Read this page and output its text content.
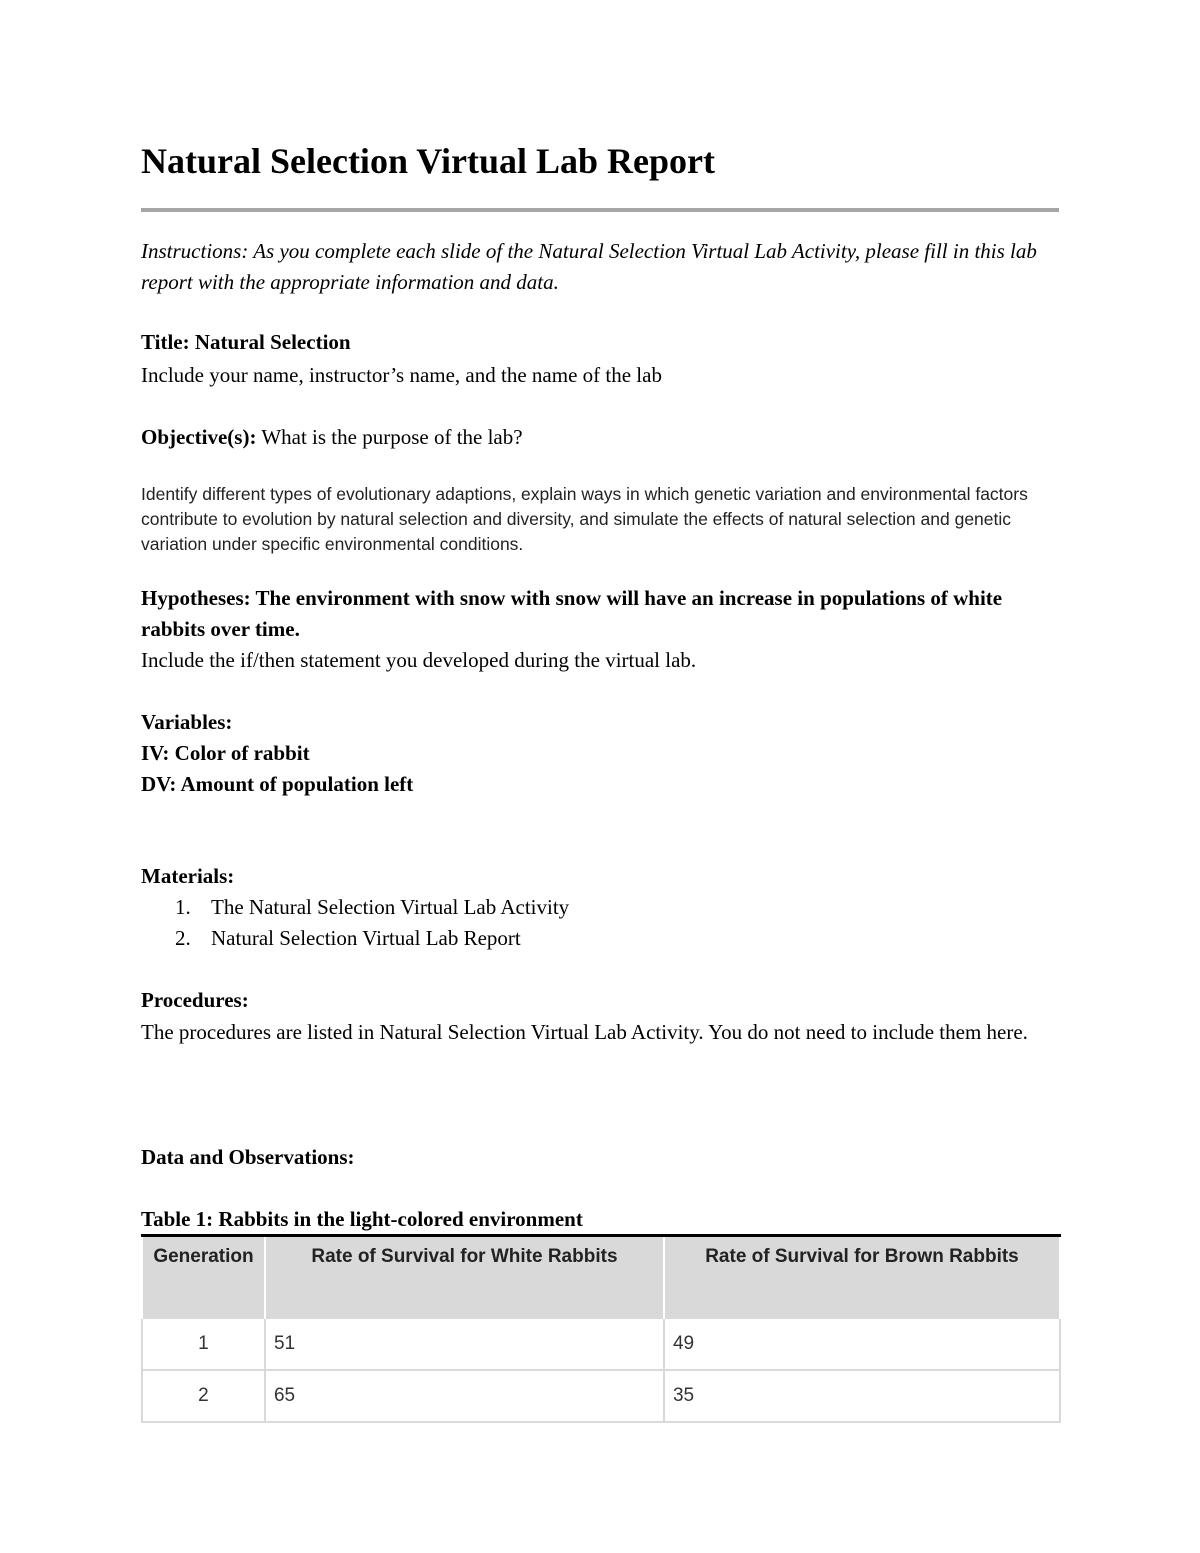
Natural Selection Virtual Lab Report
Instructions: As you complete each slide of the Natural Selection Virtual Lab Activity, please fill in this lab report with the appropriate information and data.
Title: Natural Selection
Include your name, instructor’s name, and the name of the lab
Objective(s): What is the purpose of the lab?
Identify different types of evolutionary adaptions, explain ways in which genetic variation and environmental factors contribute to evolution by natural selection and diversity, and simulate the effects of natural selection and genetic variation under specific environmental conditions.
Hypotheses: The environment with snow with snow will have an increase in populations of white rabbits over time.
Include the if/then statement you developed during the virtual lab.
Variables:
IV: Color of rabbit
DV: Amount of population left
Materials:
1. The Natural Selection Virtual Lab Activity
2. Natural Selection Virtual Lab Report
Procedures:
The procedures are listed in Natural Selection Virtual Lab Activity. You do not need to include them here.
Data and Observations:
Table 1: Rabbits in the light-colored environment
Generation	Rate of Survival for White Rabbits	Rate of Survival for Brown Rabbits
1	51	49
2	65	35
